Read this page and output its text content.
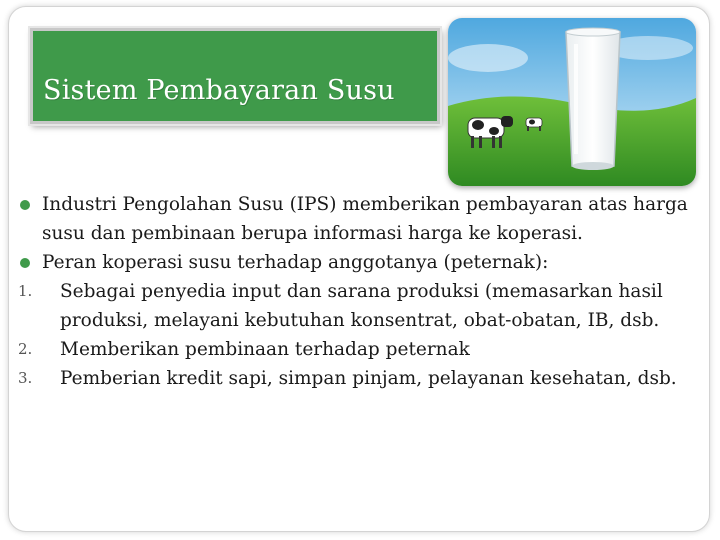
Sistem Pembayaran Susu
Industri Pengolahan Susu (IPS) memberikan pembayaran atas harga
susu dan pembinaan berupa informasi harga ke koperasi.
Peran koperasi susu terhadap anggotanya (peternak):
1.	Sebagai penyedia input dan sarana produksi (memasarkan hasil
produksi, melayani kebutuhan konsentrat, obat-obatan, IB, dsb.
2.	Memberikan pembinaan terhadap peternak
3.	Pemberian kredit sapi, simpan pinjam, pelayanan kesehatan, dsb.
